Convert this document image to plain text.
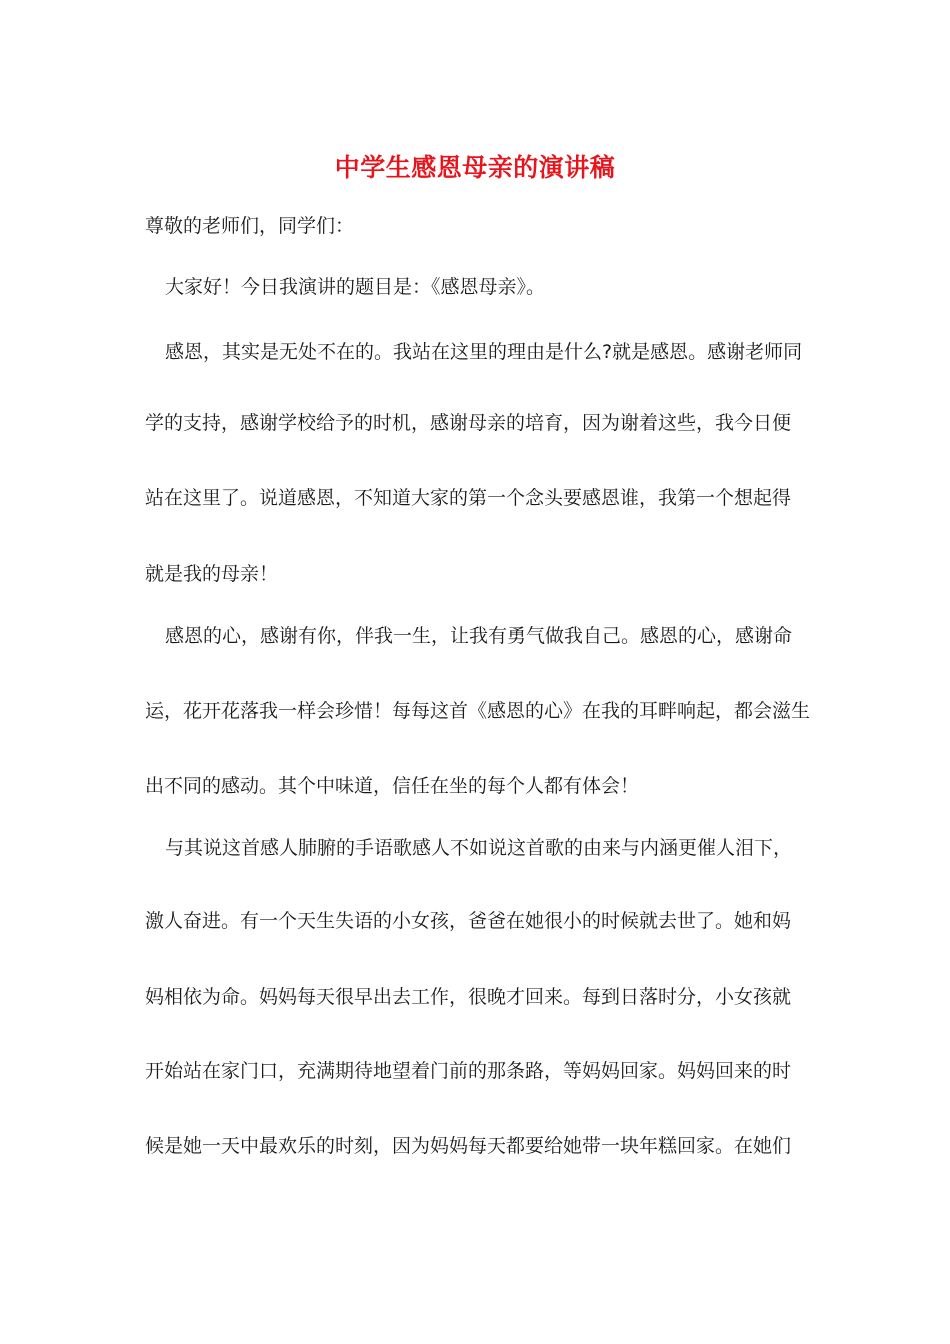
中学生感恩母亲的演讲稿
尊敬的老师们，同学们：
大家好！今日我演讲的题目是：《感恩母亲》。
感恩，其实是无处不在的。我站在这里的理由是什么?就是感恩。感谢老师同
学的支持，感谢学校给予的时机，感谢母亲的培育，因为谢着这些，我今日便
站在这里了。说道感恩，不知道大家的第一个念头要感恩谁，我第一个想起得
就是我的母亲！
感恩的心，感谢有你，伴我一生，让我有勇气做我自己。感恩的心，感谢命
运，花开花落我一样会珍惜！每每这首《感恩的心》在我的耳畔响起，都会滋生
出不同的感动。其个中味道，信任在坐的每个人都有体会！
与其说这首感人肺腑的手语歌感人不如说这首歌的由来与内涵更催人泪下，
激人奋进。有一个天生失语的小女孩，爸爸在她很小的时候就去世了。她和妈
妈相依为命。妈妈每天很早出去工作，很晚才回来。每到日落时分，小女孩就
开始站在家门口，充满期待地望着门前的那条路，等妈妈回家。妈妈回来的时
候是她一天中最欢乐的时刻，因为妈妈每天都要给她带一块年糕回家。在她们
